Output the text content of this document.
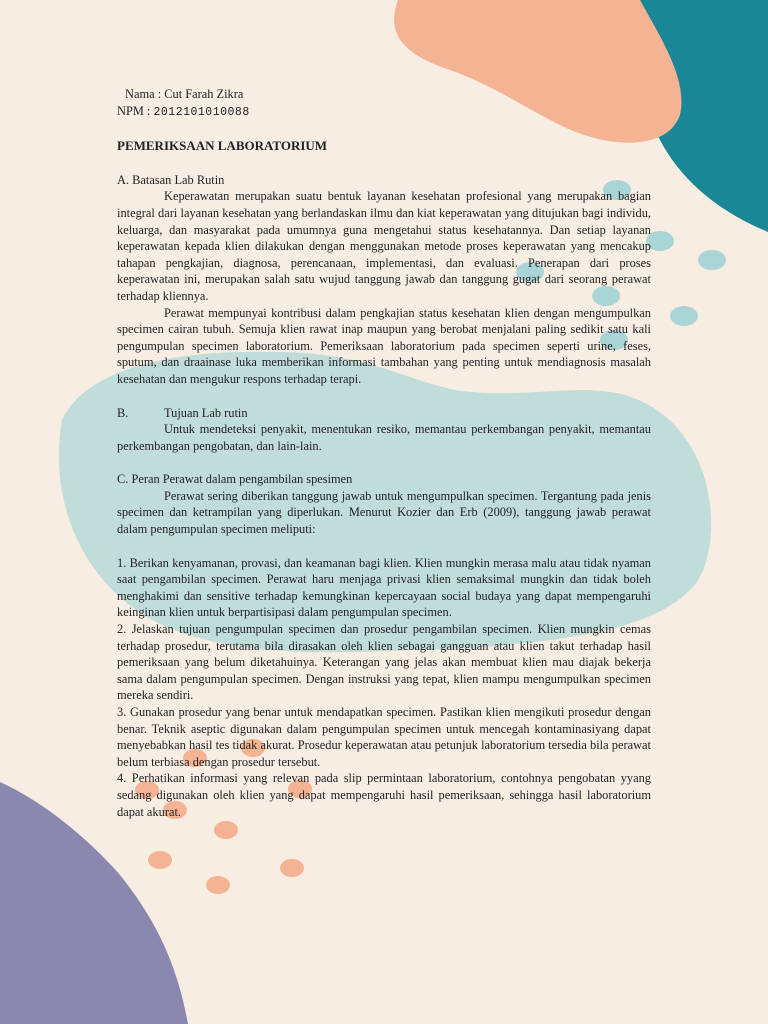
Nama : Cut Farah Zikra

NPM : 2012101010088

PEMERIKSAAN LABORATORIUM

A. Batasan Lab Rutin

Keperawatan merupakan suatu bentuk layanan kesehatan profesional yang merupakan bagian integral dari layanan kesehatan yang berlandaskan ilmu dan kiat keperawatan yang ditujukan bagi individu, keluarga, dan masyarakat pada umumnya guna mengetahui status kesehatannya. Dan setiap layanan keperawatan kepada klien dilakukan dengan menggunakan metode proses keperawatan yang mencakup tahapan pengkajian, diagnosa, perencanaan, implementasi, dan evaluasi. Penerapan dari proses keperawatan ini, merupakan salah satu wujud tanggung jawab dan tanggung gugat dari seorang perawat terhadap kliennya.

Perawat mempunyai kontribusi dalam pengkajian status kesehatan klien dengan mengumpulkan specimen cairan tubuh. Semuja klien rawat inap maupun yang berobat menjalani paling sedikit satu kali pengumpulan specimen laboratorium. Pemeriksaan laboratorium pada specimen seperti urine, feses, sputum, dan draainase luka memberikan informasi tambahan yang penting untuk mendiagnosis masalah kesehatan dan mengukur respons terhadap terapi.

B.	Tujuan Lab rutin

Untuk mendeteksi penyakit, menentukan resiko, memantau perkembangan penyakit, memantau perkembangan pengobatan, dan lain-lain.

C. Peran Perawat dalam pengambilan spesimen

Perawat sering diberikan tanggung jawab untuk mengumpulkan specimen. Tergantung pada jenis specimen dan ketrampilan yang diperlukan. Menurut Kozier dan Erb (2009), tanggung jawab perawat dalam pengumpulan specimen meliputi:

1. Berikan kenyamanan, provasi, dan keamanan bagi klien. Klien mungkin merasa malu atau tidak nyaman saat pengambilan specimen. Perawat haru menjaga privasi klien semaksimal mungkin dan tidak boleh menghakimi dan sensitive terhadap kemungkinan kepercayaan social budaya yang dapat mempengaruhi keinginan klien untuk berpartisipasi dalam pengumpulan specimen.

2. Jelaskan tujuan pengumpulan specimen dan prosedur pengambilan specimen. Klien mungkin cemas terhadap prosedur, terutama bila dirasakan oleh klien sebagai gangguan atau klien takut terhadap hasil pemeriksaan yang belum diketahuinya. Keterangan yang jelas akan membuat klien mau diajak bekerja sama dalam pengumpulan specimen. Dengan instruksi yang tepat, klien mampu mengumpulkan specimen mereka sendiri.

3. Gunakan prosedur yang benar untuk mendapatkan specimen. Pastikan klien mengikuti prosedur dengan benar. Teknik aseptic digunakan dalam pengumpulan specimen untuk mencegah kontaminasiyang dapat menyebabkan hasil tes tidak akurat. Prosedur keperawatan atau petunjuk laboratorium tersedia bila perawat belum terbiasa dengan prosedur tersebut.

4. Perhatikan informasi yang relevan pada slip permintaan laboratorium, contohnya pengobatan yyang sedang digunakan oleh klien yang dapat mempengaruhi hasil pemeriksaan, sehingga hasil laboratorium dapat akurat.
